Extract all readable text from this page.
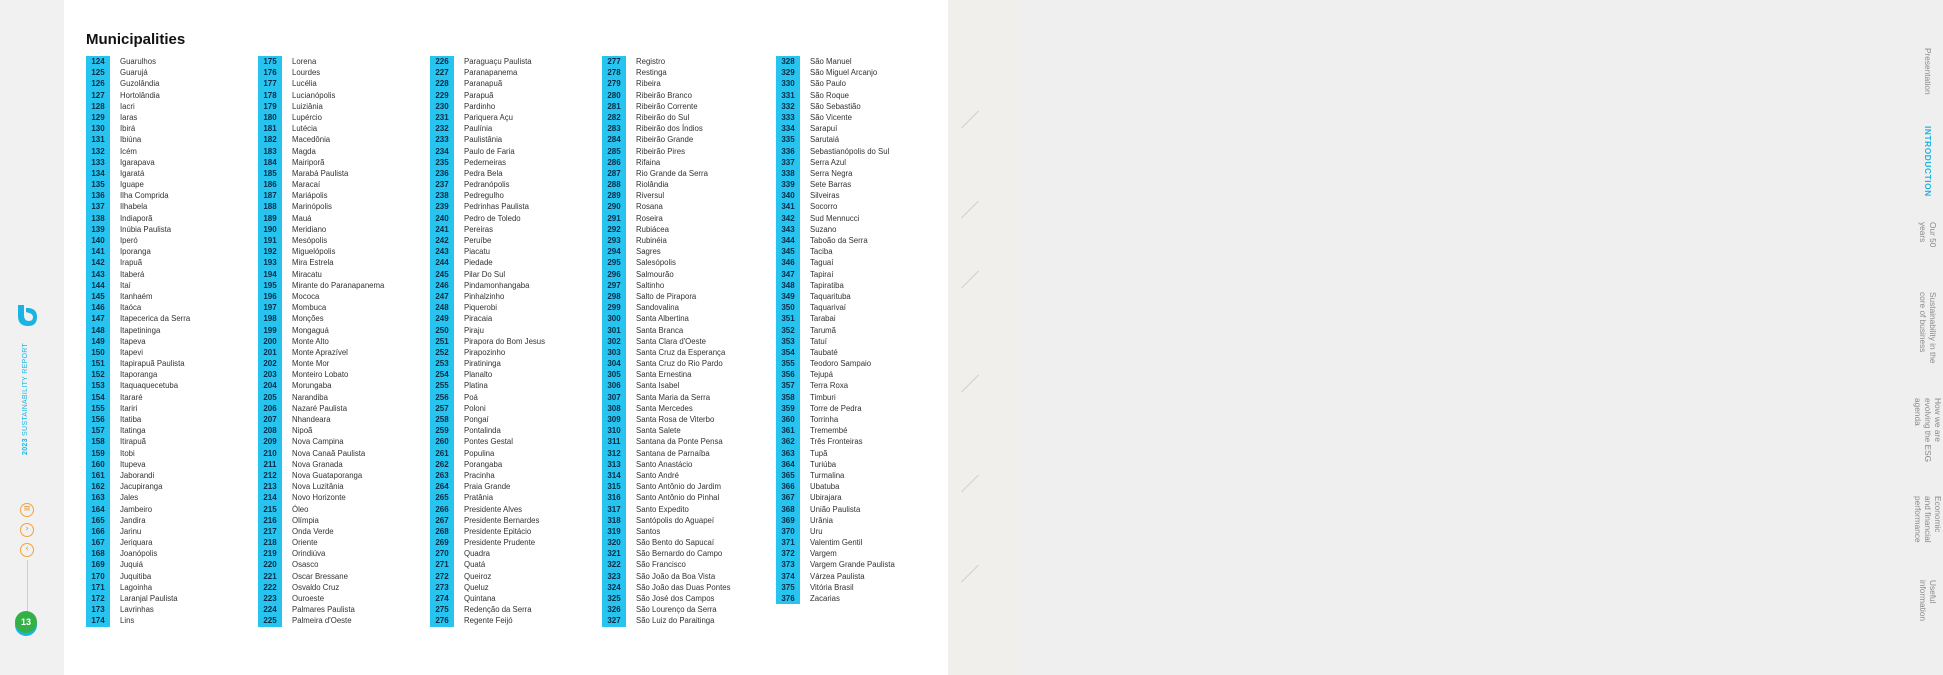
2023 SUSTAINABILITY REPORT
≡
›
‹
13
Municipalities
124	Guarulhos
125	Guarujá
126	Guzolândia
127	Hortolândia
128	Iacri
129	Iaras
130	Ibirá
131	Ibiúna
132	Icém
133	Igarapava
134	Igaratá
135	Iguape
136	Ilha Comprida
137	Ilhabela
138	Indiaporã
139	Inúbia Paulista
140	Iperó
141	Iporanga
142	Irapuã
143	Itaberá
144	Itaí
145	Itanhaém
146	Itaóca
147	Itapecerica da Serra
148	Itapetininga
149	Itapeva
150	Itapevi
151	Itapirapuã Paulista
152	Itaporanga
153	Itaquaquecetuba
154	Itararé
155	Itariri
156	Itatiba
157	Itatinga
158	Itirapuã
159	Itobi
160	Itupeva
161	Jaborandi
162	Jacupiranga
163	Jales
164	Jambeiro
165	Jandira
166	Jarinu
167	Jeriquara
168	Joanópolis
169	Juquiá
170	Juquitiba
171	Lagoinha
172	Laranjal Paulista
173	Lavrinhas
174	Lins
175	Lorena
176	Lourdes
177	Lucélia
178	Lucianópolis
179	Luiziânia
180	Lupércio
181	Lutécia
182	Macedônia
183	Magda
184	Mairiporã
185	Marabá Paulista
186	Maracaí
187	Mariápolis
188	Marinópolis
189	Mauá
190	Meridiano
191	Mesópolis
192	Miguelópolis
193	Mira Estrela
194	Miracatu
195	Mirante do Paranapanema
196	Mococa
197	Mombuca
198	Monções
199	Mongaguá
200	Monte Alto
201	Monte Aprazível
202	Monte Mor
203	Monteiro Lobato
204	Morungaba
205	Narandiba
206	Nazaré Paulista
207	Nhandeara
208	Nipoã
209	Nova Campina
210	Nova Canaã Paulista
211	Nova Granada
212	Nova Guataporanga
213	Nova Luzitânia
214	Novo Horizonte
215	Óleo
216	Olímpia
217	Onda Verde
218	Oriente
219	Orindiúva
220	Osasco
221	Oscar Bressane
222	Osvaldo Cruz
223	Ouroeste
224	Palmares Paulista
225	Palmeira d'Oeste
226	Paraguaçu Paulista
227	Paranapanema
228	Paranapuã
229	Parapuã
230	Pardinho
231	Pariquera Açu
232	Paulínia
233	Paulistânia
234	Paulo de Faria
235	Pederneiras
236	Pedra Bela
237	Pedranópolis
238	Pedregulho
239	Pedrinhas Paulista
240	Pedro de Toledo
241	Pereiras
242	Peruíbe
243	Piacatu
244	Piedade
245	Pilar Do Sul
246	Pindamonhangaba
247	Pinhalzinho
248	Piquerobi
249	Piracaia
250	Piraju
251	Pirapora do Bom Jesus
252	Pirapozinho
253	Piratininga
254	Planalto
255	Platina
256	Poá
257	Poloni
258	Pongaí
259	Pontalinda
260	Pontes Gestal
261	Populina
262	Porangaba
263	Pracinha
264	Praia Grande
265	Pratânia
266	Presidente Alves
267	Presidente Bernardes
268	Presidente Epitácio
269	Presidente Prudente
270	Quadra
271	Quatá
272	Queiroz
273	Queluz
274	Quintana
275	Redenção da Serra
276	Regente Feijó
277	Registro
278	Restinga
279	Ribeira
280	Ribeirão Branco
281	Ribeirão Corrente
282	Ribeirão do Sul
283	Ribeirão dos Índios
284	Ribeirão Grande
285	Ribeirão Pires
286	Rifaina
287	Rio Grande da Serra
288	Riolândia
289	Riversul
290	Rosana
291	Roseira
292	Rubiácea
293	Rubinéia
294	Sagres
295	Salesópolis
296	Salmourão
297	Saltinho
298	Salto de Pirapora
299	Sandovalina
300	Santa Albertina
301	Santa Branca
302	Santa Clara d'Oeste
303	Santa Cruz da Esperança
304	Santa Cruz do Rio Pardo
305	Santa Ernestina
306	Santa Isabel
307	Santa Maria da Serra
308	Santa Mercedes
309	Santa Rosa de Viterbo
310	Santa Salete
311	Santana da Ponte Pensa
312	Santana de Parnaíba
313	Santo Anastácio
314	Santo André
315	Santo Antônio do Jardim
316	Santo Antônio do Pinhal
317	Santo Expedito
318	Santópolis do Aguapeí
319	Santos
320	São Bento do Sapucaí
321	São Bernardo do Campo
322	São Francisco
323	São João da Boa Vista
324	São João das Duas Pontes
325	São José dos Campos
326	São Lourenço da Serra
327	São Luiz do Paraitinga
328	São Manuel
329	São Miguel Arcanjo
330	São Paulo
331	São Roque
332	São Sebastião
333	São Vicente
334	Sarapuí
335	Sarutaiá
336	Sebastianópolis do Sul
337	Serra Azul
338	Serra Negra
339	Sete Barras
340	Silveiras
341	Socorro
342	Sud Mennucci
343	Suzano
344	Taboão da Serra
345	Taciba
346	Taguaí
347	Tapiraí
348	Tapiratiba
349	Taquarituba
350	Taquarivaí
351	Tarabai
352	Tarumã
353	Tatuí
354	Taubaté
355	Teodoro Sampaio
356	Tejupá
357	Terra Roxa
358	Timburi
359	Torre de Pedra
360	Torrinha
361	Tremembé
362	Três Fronteiras
363	Tupã
364	Turiúba
365	Turmalina
366	Ubatuba
367	Ubirajara
368	União Paulista
369	Urânia
370	Uru
371	Valentim Gentil
372	Vargem
373	Vargem Grande Paulista
374	Várzea Paulista
375	Vitória Brasil
376	Zacarias
Presentation
INTRODUCTION
Our 50
years
Sustainability in the
core of business
How we are
evolving the ESG
agenda
Economic
and financial
performance
Useful
information
